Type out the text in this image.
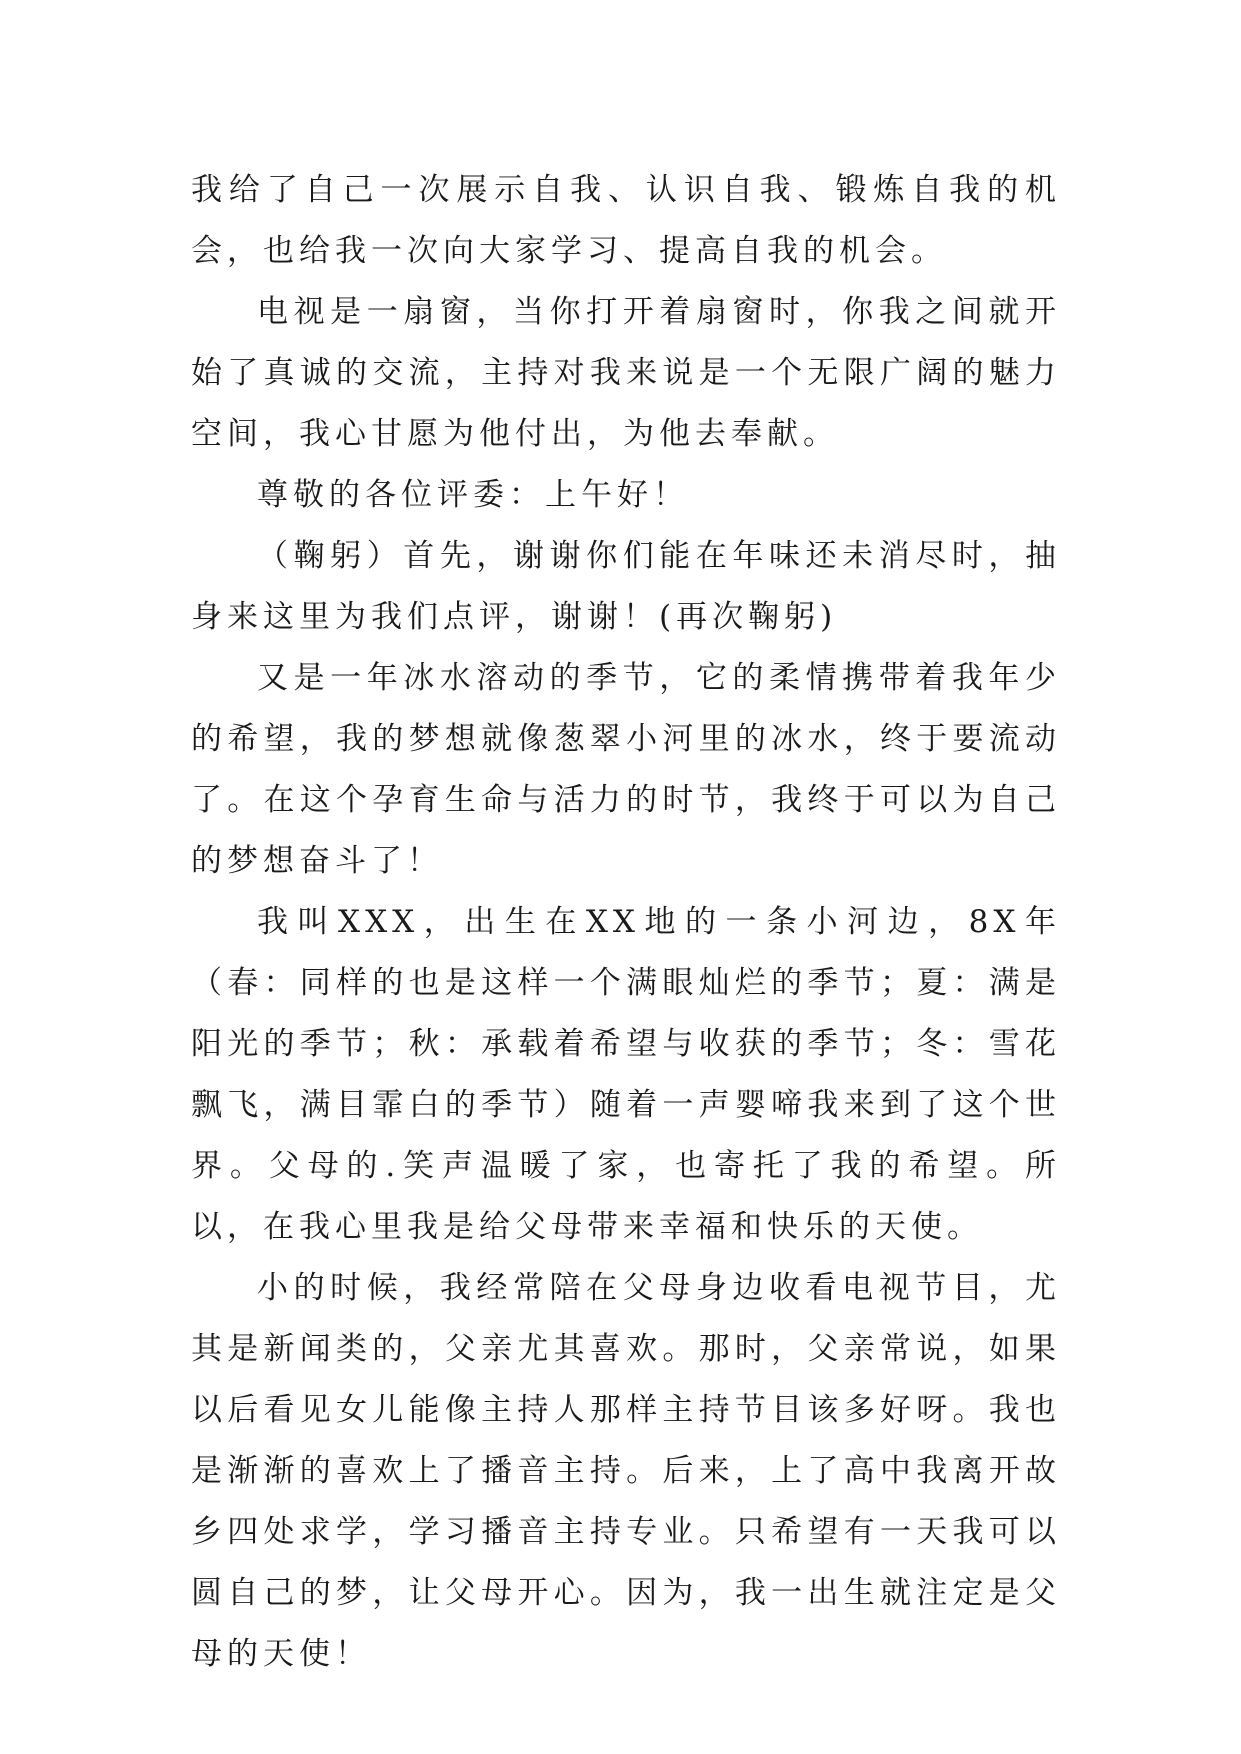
我给了自己一次展示自我、认识自我、锻炼自我的机会，也给我一次向大家学习、提高自我的机会。

电视是一扇窗，当你打开着扇窗时，你我之间就开始了真诚的交流，主持对我来说是一个无限广阔的魅力空间，我心甘愿为他付出，为他去奉献。

尊敬的各位评委：上午好！

（鞠躬）首先，谢谢你们能在年味还未消尽时，抽身来这里为我们点评，谢谢！(再次鞠躬)

又是一年冰水溶动的季节，它的柔情携带着我年少的希望，我的梦想就像葱翠小河里的冰水，终于要流动了。在这个孕育生命与活力的时节，我终于可以为自己的梦想奋斗了！

我叫XXX，出生在XX地的一条小河边，8X年（春：同样的也是这样一个满眼灿烂的季节；夏：满是阳光的季节；秋：承载着希望与收获的季节；冬：雪花飘飞，满目霏白的季节）随着一声婴啼我来到了这个世界。父母的.笑声温暖了家，也寄托了我的希望。所以，在我心里我是给父母带来幸福和快乐的天使。

小的时候，我经常陪在父母身边收看电视节目，尤其是新闻类的，父亲尤其喜欢。那时，父亲常说，如果以后看见女儿能像主持人那样主持节目该多好呀。我也是渐渐的喜欢上了播音主持。后来，上了高中我离开故乡四处求学，学习播音主持专业。只希望有一天我可以圆自己的梦，让父母开心。因为，我一出生就注定是父母的天使！
